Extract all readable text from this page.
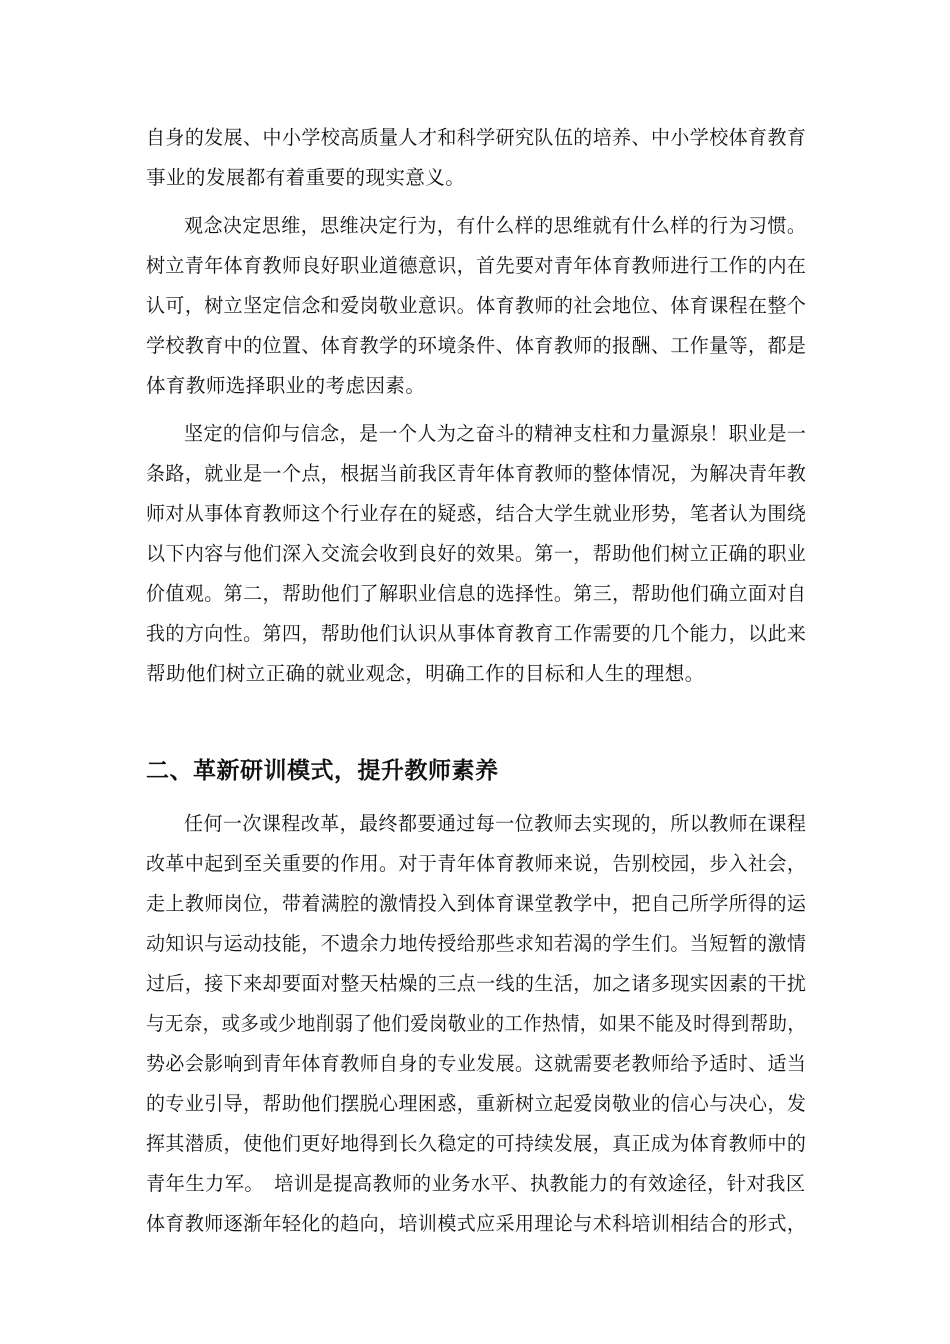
自身的发展、中小学校高质量人才和科学研究队伍的培养、中小学校体育教育
事业的发展都有着重要的现实意义。
观念决定思维，思维决定行为，有什么样的思维就有什么样的行为习惯。
树立青年体育教师良好职业道德意识，首先要对青年体育教师进行工作的内在
认可，树立坚定信念和爱岗敬业意识。体育教师的社会地位、体育课程在整个
学校教育中的位置、体育教学的环境条件、体育教师的报酬、工作量等，都是
体育教师选择职业的考虑因素。
坚定的信仰与信念，是一个人为之奋斗的精神支柱和力量源泉！职业是一
条路，就业是一个点，根据当前我区青年体育教师的整体情况，为解决青年教
师对从事体育教师这个行业存在的疑惑，结合大学生就业形势，笔者认为围绕
以下内容与他们深入交流会收到良好的效果。第一，帮助他们树立正确的职业
价值观。第二，帮助他们了解职业信息的选择性。第三，帮助他们确立面对自
我的方向性。第四，帮助他们认识从事体育教育工作需要的几个能力，以此来
帮助他们树立正确的就业观念，明确工作的目标和人生的理想。
二、革新研训模式，提升教师素养
任何一次课程改革，最终都要通过每一位教师去实现的，所以教师在课程
改革中起到至关重要的作用。对于青年体育教师来说，告别校园，步入社会，
走上教师岗位，带着满腔的激情投入到体育课堂教学中，把自己所学所得的运
动知识与运动技能，不遗余力地传授给那些求知若渴的学生们。当短暂的激情
过后，接下来却要面对整天枯燥的三点一线的生活，加之诸多现实因素的干扰
与无奈，或多或少地削弱了他们爱岗敬业的工作热情，如果不能及时得到帮助，
势必会影响到青年体育教师自身的专业发展。这就需要老教师给予适时、适当
的专业引导，帮助他们摆脱心理困惑，重新树立起爱岗敬业的信心与决心，发
挥其潜质，使他们更好地得到长久稳定的可持续发展，真正成为体育教师中的
青年生力军。　培训是提高教师的业务水平、执教能力的有效途径，针对我区
体育教师逐渐年轻化的趋向，培训模式应采用理论与术科培训相结合的形式，
